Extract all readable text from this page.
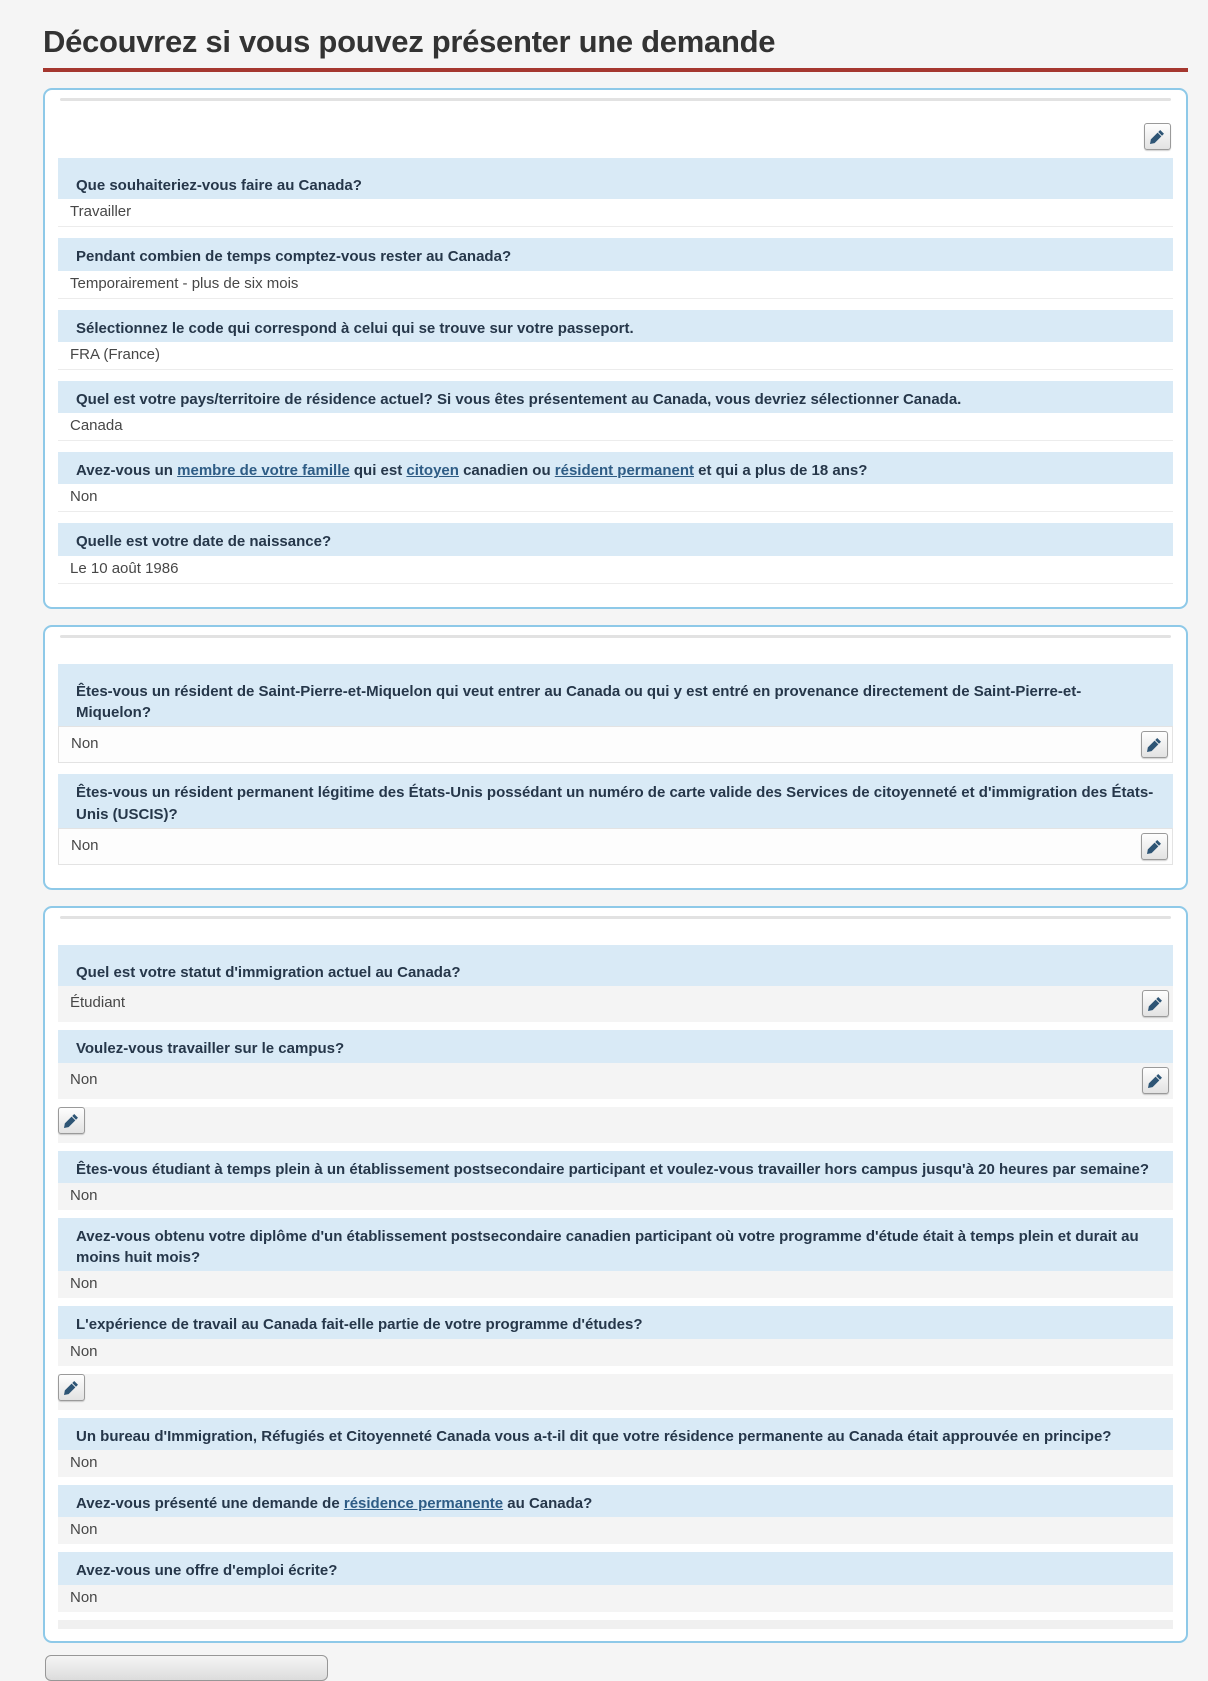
Découvrez si vous pouvez présenter une demande
Que souhaiteriez-vous faire au Canada?
Travailler
Pendant combien de temps comptez-vous rester au Canada?
Temporairement - plus de six mois
Sélectionnez le code qui correspond à celui qui se trouve sur votre passeport.
FRA (France)
Quel est votre pays/territoire de résidence actuel? Si vous êtes présentement au Canada, vous devriez sélectionner Canada.
Canada
Avez-vous un membre de votre famille qui est citoyen canadien ou résident permanent et qui a plus de 18 ans?
Non
Quelle est votre date de naissance?
Le 10 août 1986
Êtes-vous un résident de Saint-Pierre-et-Miquelon qui veut entrer au Canada ou qui y est entré en provenance directement de Saint-Pierre-et-Miquelon?
Non
Êtes-vous un résident permanent légitime des États-Unis possédant un numéro de carte valide des Services de citoyenneté et d'immigration des États-Unis (USCIS)?
Non
Quel est votre statut d'immigration actuel au Canada?
Étudiant
Voulez-vous travailler sur le campus?
Non
Êtes-vous étudiant à temps plein à un établissement postsecondaire participant et voulez-vous travailler hors campus jusqu'à 20 heures par semaine?
Non
Avez-vous obtenu votre diplôme d'un établissement postsecondaire canadien participant où votre programme d'étude était à temps plein et durait au moins huit mois?
Non
L'expérience de travail au Canada fait-elle partie de votre programme d'études?
Non
Un bureau d'Immigration, Réfugiés et Citoyenneté Canada vous a-t-il dit que votre résidence permanente au Canada était approuvée en principe?
Non
Avez-vous présenté une demande de résidence permanente au Canada?
Non
Avez-vous une offre d'emploi écrite?
Non
